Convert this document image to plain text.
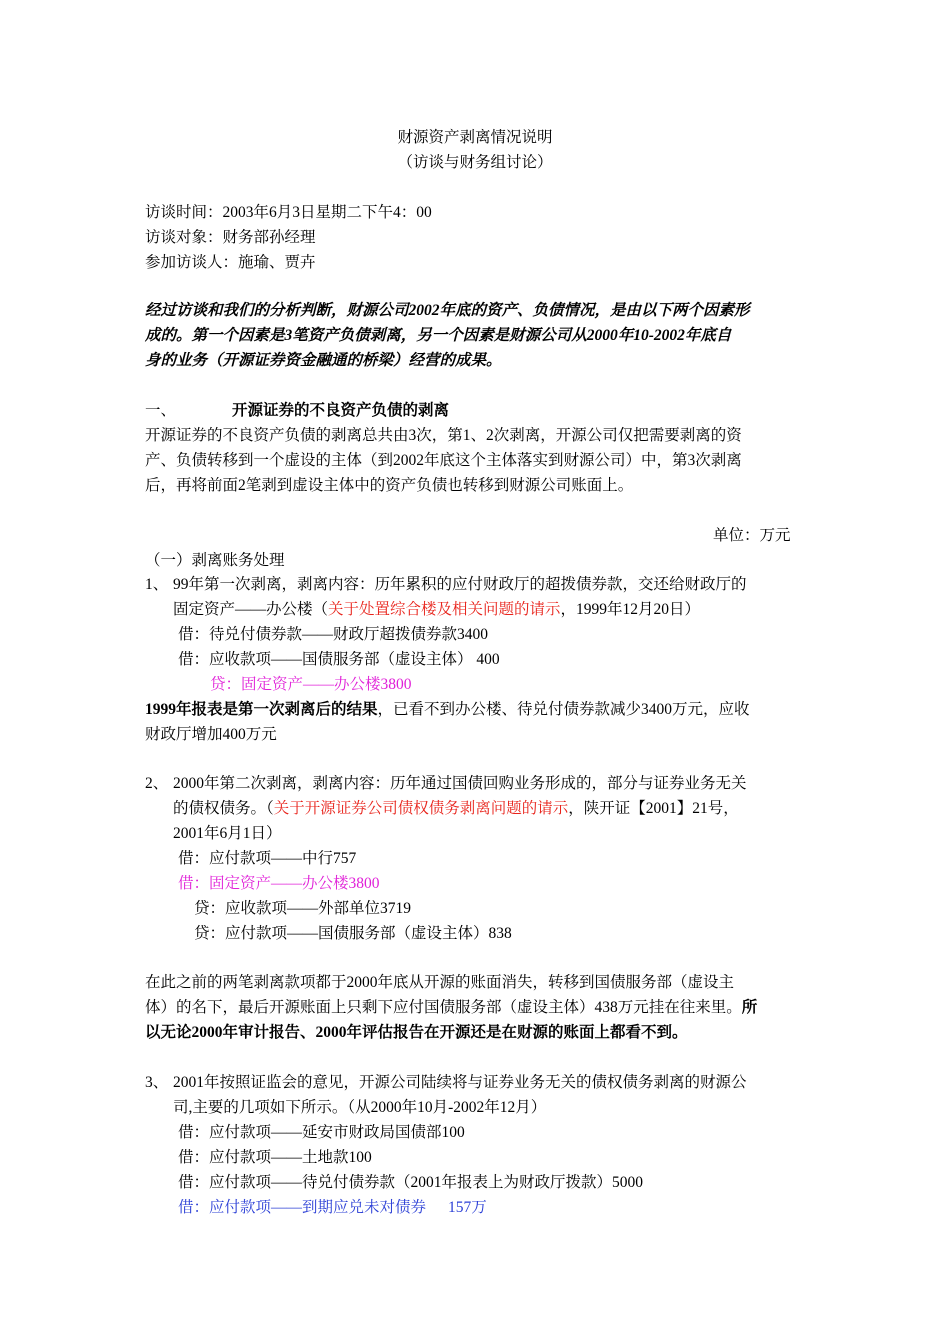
财源资产剥离情况说明
（访谈与财务组讨论）
访谈时间：2003年6月3日星期二下午4：00
访谈对象：财务部孙经理
参加访谈人：施瑜、贾卉
经过访谈和我们的分析判断，财源公司2002年底的资产、负债情况，是由以下两个因素形
成的。第一个因素是3笔资产负债剥离，另一个因素是财源公司从2000年10-2002年底自
身的业务（开源证券资金融通的桥梁）经营的成果。
一、	开源证券的不良资产负债的剥离
开源证券的不良资产负债的剥离总共由3次，第1、2次剥离，开源公司仅把需要剥离的资
产、负债转移到一个虚设的主体（到2002年底这个主体落实到财源公司）中，第3次剥离
后，再将前面2笔剥到虚设主体中的资产负债也转移到财源公司账面上。
单位：万元
（一）剥离账务处理
1、 99年第一次剥离，剥离内容：历年累积的应付财政厅的超拨债券款，交还给财政厅的
固定资产——办公楼（关于处置综合楼及相关问题的请示，1999年12月20日）
借：待兑付债券款——财政厅超拨债券款3400
借：应收款项——国债服务部（虚设主体） 400
贷：固定资产——办公楼3800
1999年报表是第一次剥离后的结果，已看不到办公楼、待兑付债券款减少3400万元，应收
财政厅增加400万元
2、 2000年第二次剥离，剥离内容：历年通过国债回购业务形成的，部分与证券业务无关
的债权债务。（关于开源证券公司债权债务剥离问题的请示，陕开证【2001】21号，
2001年6月1日）
借：应付款项——中行757
借：固定资产——办公楼3800
贷：应收款项——外部单位3719
贷：应付款项——国债服务部（虚设主体）838
在此之前的两笔剥离款项都于2000年底从开源的账面消失，转移到国债服务部（虚设主
体）的名下，最后开源账面上只剩下应付国债服务部（虚设主体）438万元挂在往来里。所
以无论2000年审计报告、2000年评估报告在开源还是在财源的账面上都看不到。
3、 2001年按照证监会的意见，开源公司陆续将与证券业务无关的债权债务剥离的财源公
司,主要的几项如下所示。（从2000年10月-2002年12月）
借：应付款项——延安市财政局国债部100
借：应付款项——土地款100
借：应付款项——待兑付债券款（2001年报表上为财政厅拨款）5000
借：应付款项——到期应兑未对债券 157万
